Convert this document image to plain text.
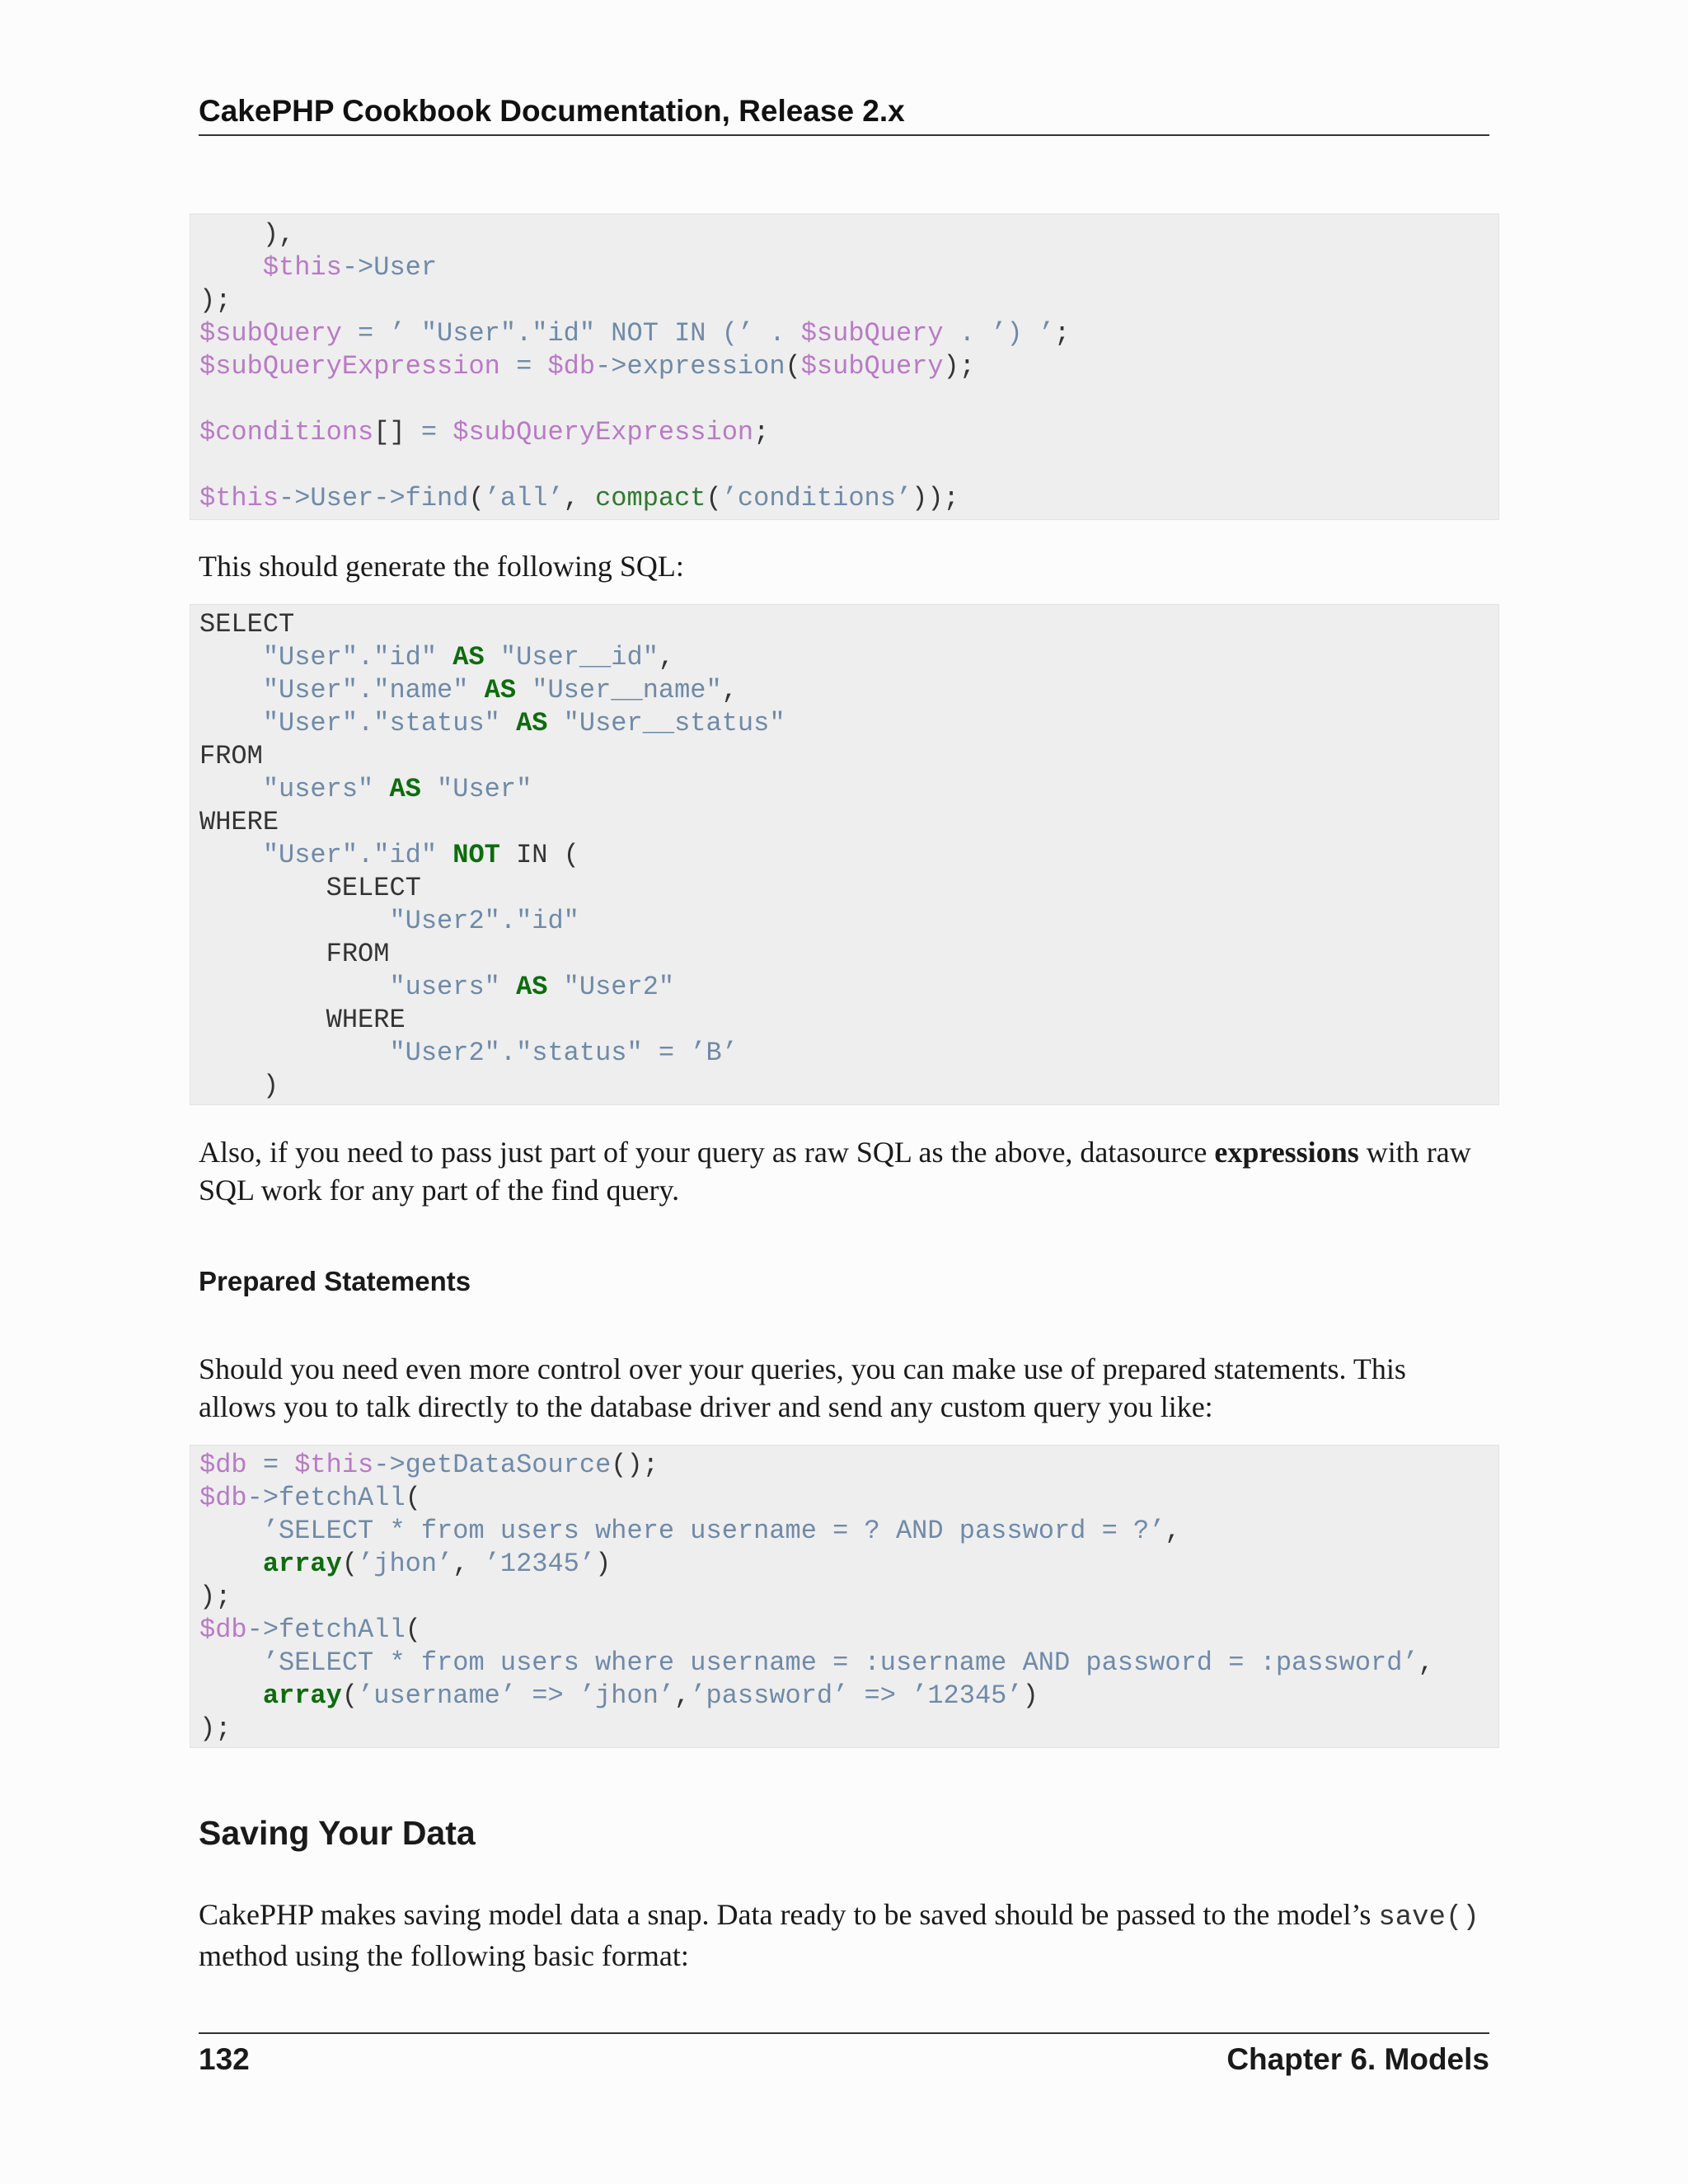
CakePHP Cookbook Documentation, Release 2.x
),
$this->User
);
$subQuery = ’ "User"."id" NOT IN (’ . $subQuery . ’) ’;
$subQueryExpression = $db->expression($subQuery);

$conditions[] = $subQueryExpression;

$this->User->find(’all’, compact(’conditions’));

This should generate the following SQL:

SELECT
"User"."id" AS "User__id",
"User"."name" AS "User__name",
"User"."status" AS "User__status"
FROM
"users" AS "User"
WHERE
"User"."id" NOT IN (
SELECT
"User2"."id"
FROM
"users" AS "User2"
WHERE
"User2"."status" = ’B’
)

Also, if you need to pass just part of your query as raw SQL as the above, datasource expressions with raw SQL work for any part of the find query.

Prepared Statements

Should you need even more control over your queries, you can make use of prepared statements. This allows you to talk directly to the database driver and send any custom query you like:

$db = $this->getDataSource();
$db->fetchAll(
’SELECT * from users where username = ? AND password = ?’,
array(’jhon’, ’12345’)
);
$db->fetchAll(
’SELECT * from users where username = :username AND password = :password’,
array(’username’ => ’jhon’,’password’ => ’12345’)
);
Saving Your Data

CakePHP makes saving model data a snap. Data ready to be saved should be passed to the model’s save() method using the following basic format:

132	Chapter 6. Models
